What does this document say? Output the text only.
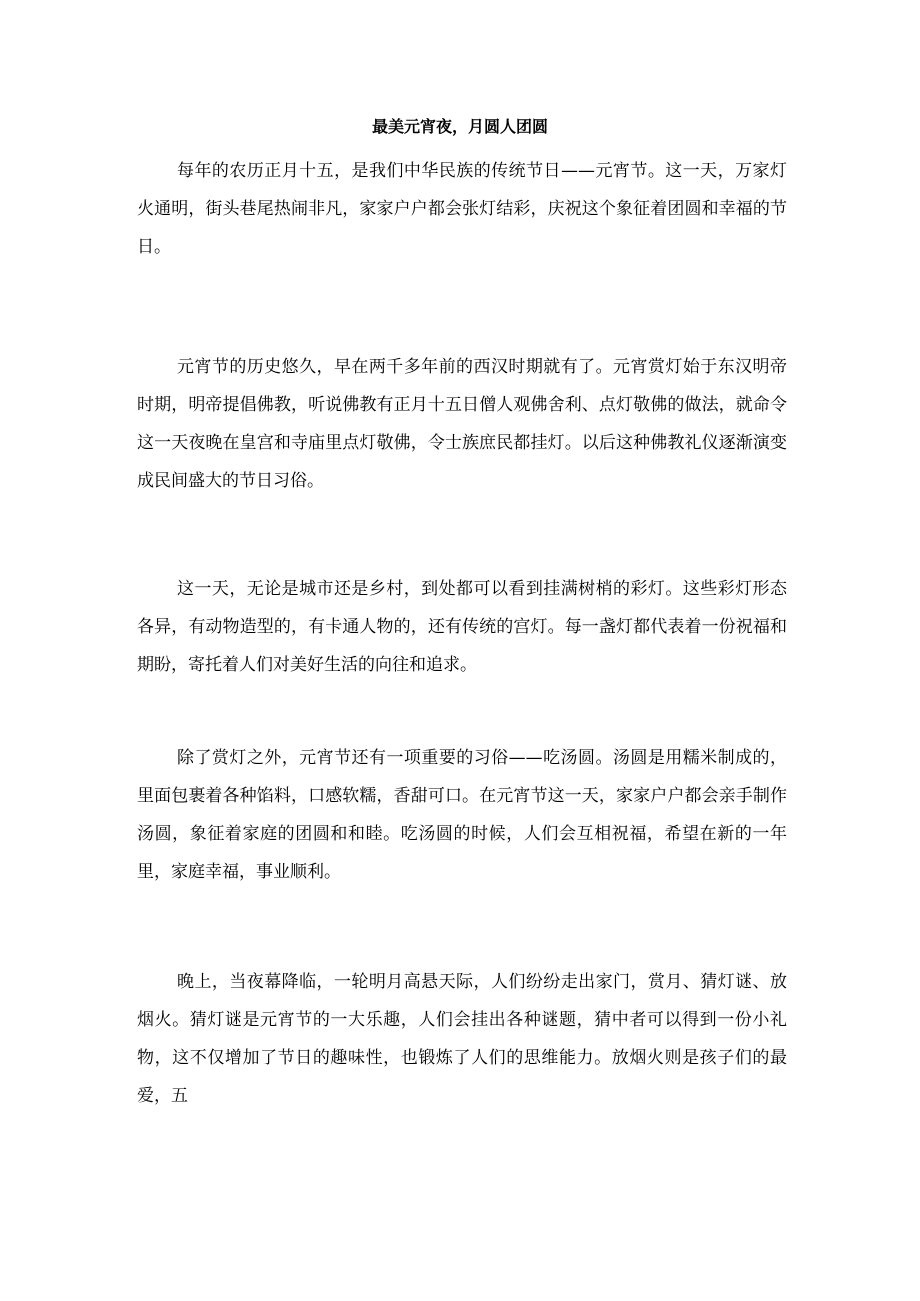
最美元宵夜，月圆人团圆

每年的农历正月十五，是我们中华民族的传统节日——元宵节。这一天，万家灯火通明，街头巷尾热闹非凡，家家户户都会张灯结彩，庆祝这个象征着团圆和幸福的节日。

元宵节的历史悠久，早在两千多年前的西汉时期就有了。元宵赏灯始于东汉明帝时期，明帝提倡佛教，听说佛教有正月十五日僧人观佛舍利、点灯敬佛的做法，就命令这一天夜晚在皇宫和寺庙里点灯敬佛，令士族庶民都挂灯。以后这种佛教礼仪逐渐演变成民间盛大的节日习俗。

这一天，无论是城市还是乡村，到处都可以看到挂满树梢的彩灯。这些彩灯形态各异，有动物造型的，有卡通人物的，还有传统的宫灯。每一盏灯都代表着一份祝福和期盼，寄托着人们对美好生活的向往和追求。

除了赏灯之外，元宵节还有一项重要的习俗——吃汤圆。汤圆是用糯米制成的，里面包裹着各种馅料，口感软糯，香甜可口。在元宵节这一天，家家户户都会亲手制作汤圆，象征着家庭的团圆和和睦。吃汤圆的时候，人们会互相祝福，希望在新的一年里，家庭幸福，事业顺利。

晚上，当夜幕降临，一轮明月高悬天际，人们纷纷走出家门，赏月、猜灯谜、放烟火。猜灯谜是元宵节的一大乐趣，人们会挂出各种谜题，猜中者可以得到一份小礼物，这不仅增加了节日的趣味性，也锻炼了人们的思维能力。放烟火则是孩子们的最爱，五
